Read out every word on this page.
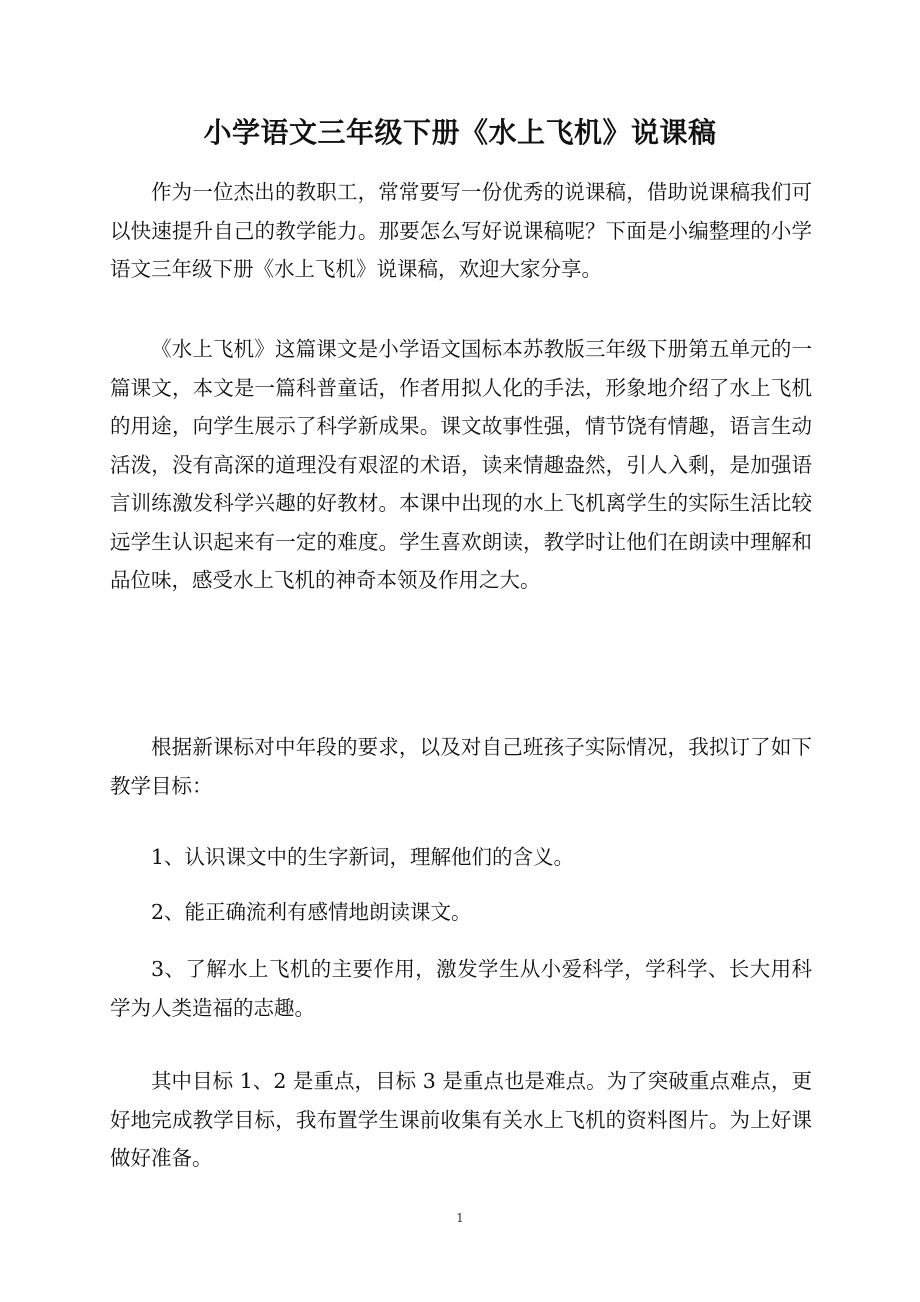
小学语文三年级下册《水上飞机》说课稿

作为一位杰出的教职工，常常要写一份优秀的说课稿，借助说课稿我们可以快速提升自己的教学能力。那要怎么写好说课稿呢？下面是小编整理的小学语文三年级下册《水上飞机》说课稿，欢迎大家分享。

《水上飞机》这篇课文是小学语文国标本苏教版三年级下册第五单元的一篇课文，本文是一篇科普童话，作者用拟人化的手法，形象地介绍了水上飞机的用途，向学生展示了科学新成果。课文故事性强，情节饶有情趣，语言生动活泼，没有高深的道理没有艰涩的术语，读来情趣盎然，引人入剩，是加强语言训练激发科学兴趣的好教材。本课中出现的水上飞机离学生的实际生活比较远学生认识起来有一定的难度。学生喜欢朗读，教学时让他们在朗读中理解和品位味，感受水上飞机的神奇本领及作用之大。

根据新课标对中年段的要求，以及对自己班孩子实际情况，我拟订了如下教学目标：

1、认识课文中的生字新词，理解他们的含义。

2、能正确流利有感情地朗读课文。

3、了解水上飞机的主要作用，激发学生从小爱科学，学科学、长大用科学为人类造福的志趣。

其中目标 1、2 是重点，目标 3 是重点也是难点。为了突破重点难点，更好地完成教学目标，我布置学生课前收集有关水上飞机的资料图片。为上好课做好准备。

1
